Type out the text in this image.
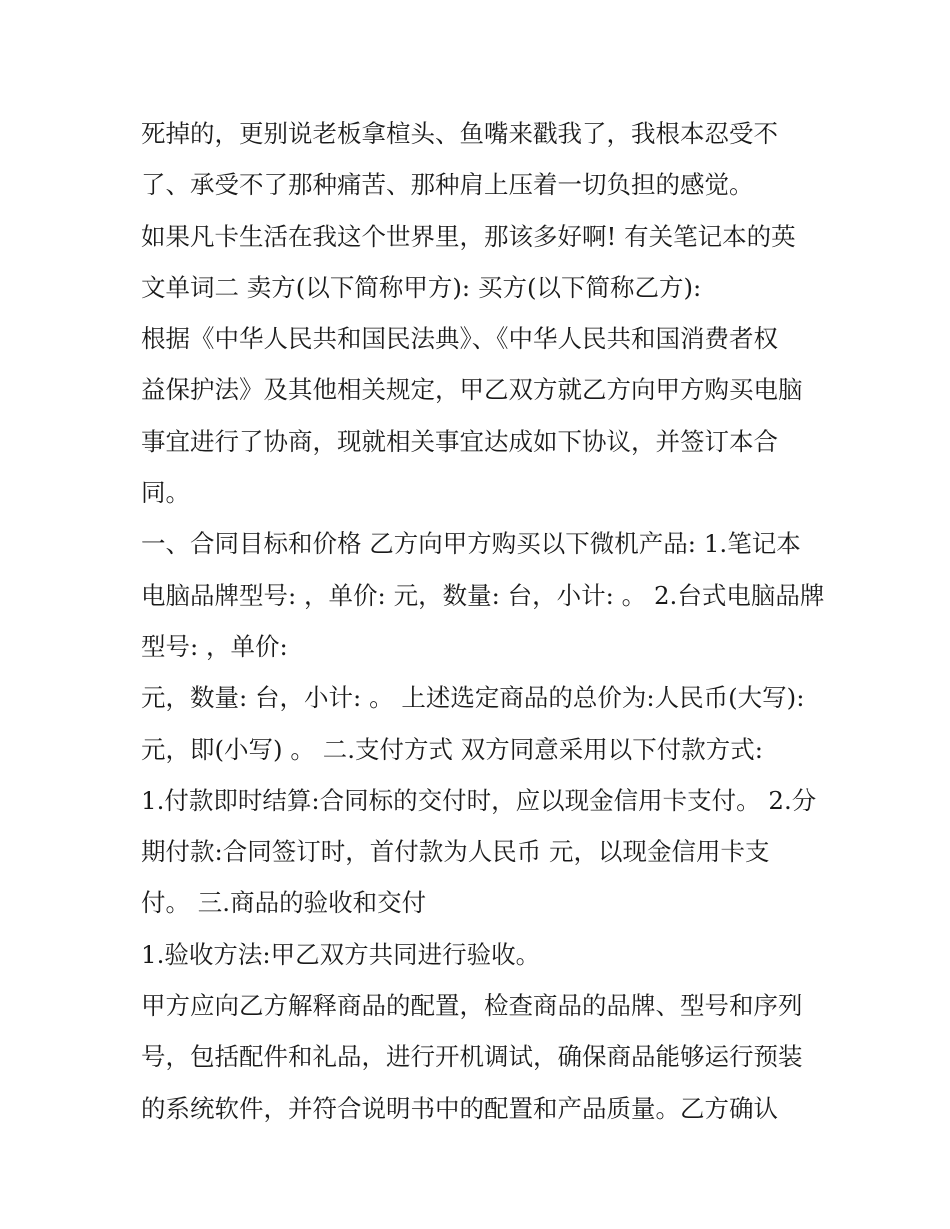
死掉的，更别说老板拿楦头、鱼嘴来戳我了，我根本忍受不
了、承受不了那种痛苦、那种肩上压着一切负担的感觉。
如果凡卡生活在我这个世界里，那该多好啊! 有关笔记本的英
文单词二 卖方(以下简称甲方): 买方(以下简称乙方):
根据《中华人民共和国民法典》、《中华人民共和国消费者权
益保护法》及其他相关规定，甲乙双方就乙方向甲方购买电脑
事宜进行了协商，现就相关事宜达成如下协议，并签订本合
同。
一、合同目标和价格 乙方向甲方购买以下微机产品: 1.笔记本
电脑品牌型号: ，单价: 元，数量: 台，小计: 。 2.台式电脑品牌
型号: ，单价:
元，数量: 台，小计: 。 上述选定商品的总价为:人民币(大写):
元，即(小写) 。 二.支付方式 双方同意采用以下付款方式:
1.付款即时结算:合同标的交付时，应以现金信用卡支付。 2.分
期付款:合同签订时，首付款为人民币 元，以现金信用卡支
付。 三.商品的验收和交付
1.验收方法:甲乙双方共同进行验收。
甲方应向乙方解释商品的配置，检查商品的品牌、型号和序列
号，包括配件和礼品，进行开机调试，确保商品能够运行预装
的系统软件，并符合说明书中的配置和产品质量。乙方确认
